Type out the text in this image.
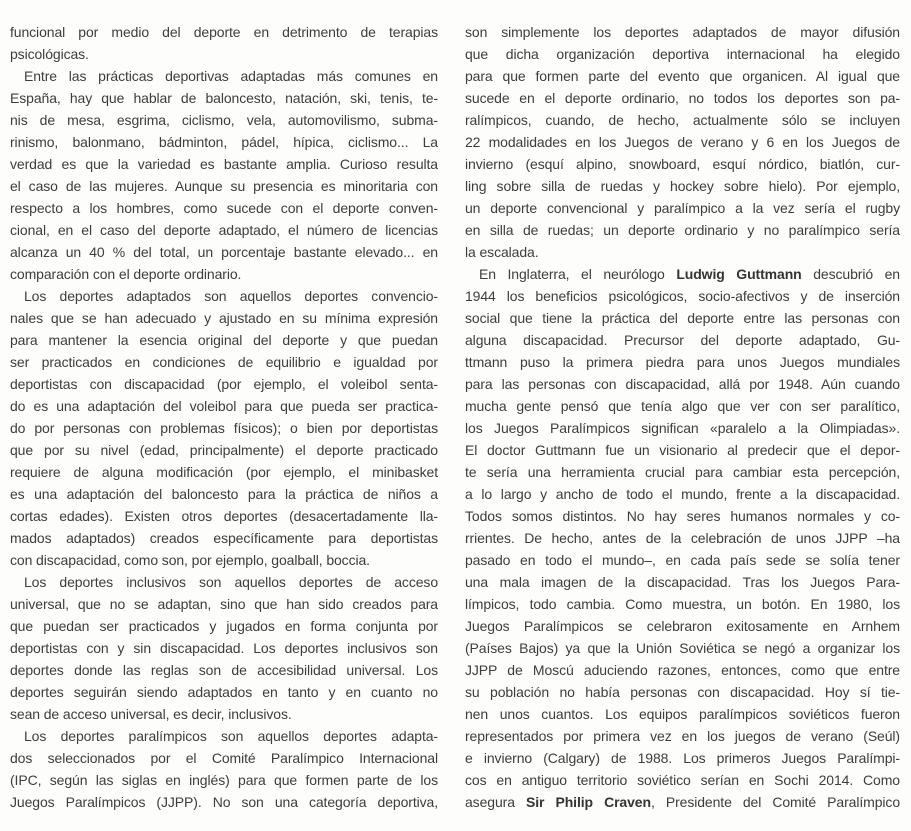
funcional por medio del deporte en detrimento de terapias
psicológicas.
Entre las prácticas deportivas adaptadas más comunes en
España, hay que hablar de baloncesto, natación, ski, tenis, te-
nis de mesa, esgrima, ciclismo, vela, automovilismo, subma-
rinismo, balonmano, bádminton, pádel, hípica, ciclismo... La
verdad es que la variedad es bastante amplia. Curioso resulta
el caso de las mujeres. Aunque su presencia es minoritaria con
respecto a los hombres, como sucede con el deporte conven-
cional, en el caso del deporte adaptado, el número de licencias
alcanza un 40 % del total, un porcentaje bastante elevado... en
comparación con el deporte ordinario.
Los deportes adaptados son aquellos deportes convencio-
nales que se han adecuado y ajustado en su mínima expresión
para mantener la esencia original del deporte y que puedan
ser practicados en condiciones de equilibrio e igualdad por
deportistas con discapacidad (por ejemplo, el voleibol senta-
do es una adaptación del voleibol para que pueda ser practica-
do por personas con problemas físicos); o bien por deportistas
que por su nivel (edad, principalmente) el deporte practicado
requiere de alguna modificación (por ejemplo, el minibasket
es una adaptación del baloncesto para la práctica de niños a
cortas edades). Existen otros deportes (desacertadamente lla-
mados adaptados) creados específicamente para deportistas
con discapacidad, como son, por ejemplo, goalball, boccia.
Los deportes inclusivos son aquellos deportes de acceso
universal, que no se adaptan, sino que han sido creados para
que puedan ser practicados y jugados en forma conjunta por
deportistas con y sin discapacidad. Los deportes inclusivos son
deportes donde las reglas son de accesibilidad universal. Los
deportes seguirán siendo adaptados en tanto y en cuanto no
sean de acceso universal, es decir, inclusivos.
Los deportes paralímpicos son aquellos deportes adapta-
dos seleccionados por el Comité Paralímpico Internacional
(IPC, según las siglas en inglés) para que formen parte de los
Juegos Paralímpicos (JJPP). No son una categoría deportiva,
son simplemente los deportes adaptados de mayor difusión
que dicha organización deportiva internacional ha elegido
para que formen parte del evento que organicen. Al igual que
sucede en el deporte ordinario, no todos los deportes son pa-
ralímpicos, cuando, de hecho, actualmente sólo se incluyen
22 modalidades en los Juegos de verano y 6 en los Juegos de
invierno (esquí alpino, snowboard, esquí nórdico, biatlón, cur-
ling sobre silla de ruedas y hockey sobre hielo). Por ejemplo,
un deporte convencional y paralímpico a la vez sería el rugby
en silla de ruedas; un deporte ordinario y no paralímpico sería
la escalada.
En Inglaterra, el neurólogo Ludwig Guttmann descubrió en
1944 los beneficios psicológicos, socio-afectivos y de inserción
social que tiene la práctica del deporte entre las personas con
alguna discapacidad. Precursor del deporte adaptado, Gu-
ttmann puso la primera piedra para unos Juegos mundiales
para las personas con discapacidad, allá por 1948. Aún cuando
mucha gente pensó que tenía algo que ver con ser paralítico,
los Juegos Paralímpicos significan «paralelo a la Olimpiadas».
El doctor Guttmann fue un visionario al predecir que el depor-
te sería una herramienta crucial para cambiar esta percepción,
a lo largo y ancho de todo el mundo, frente a la discapacidad.
Todos somos distintos. No hay seres humanos normales y co-
rrientes. De hecho, antes de la celebración de unos JJPP –ha
pasado en todo el mundo–, en cada país sede se solía tener
una mala imagen de la discapacidad. Tras los Juegos Para-
límpicos, todo cambia. Como muestra, un botón. En 1980, los
Juegos Paralímpicos se celebraron exitosamente en Arnhem
(Países Bajos) ya que la Unión Soviética se negó a organizar los
JJPP de Moscú aduciendo razones, entonces, como que entre
su población no había personas con discapacidad. Hoy sí tie-
nen unos cuantos. Los equipos paralímpicos soviéticos fueron
representados por primera vez en los juegos de verano (Seúl)
e invierno (Calgary) de 1988. Los primeros Juegos Paralímpi-
cos en antiguo territorio soviético serían en Sochi 2014. Como
asegura Sir Philip Craven, Presidente del Comité Paralímpico
